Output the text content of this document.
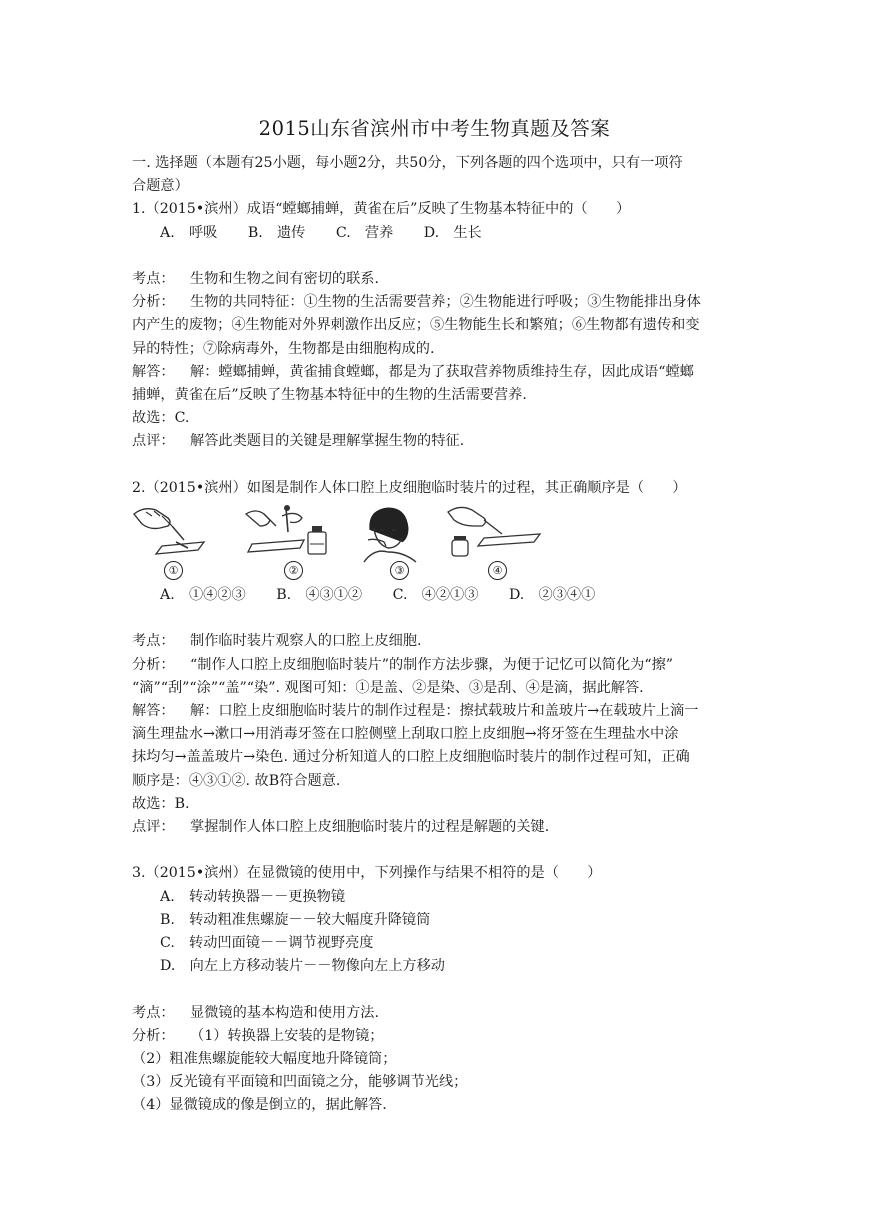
2015山东省滨州市中考生物真题及答案
一. 选择题（本题有25小题，每小题2分，共50分，下列各题的四个选项中，只有一项符
合题意）
1.（2015•滨州）成语“螳螂捕蝉，黄雀在后”反映了生物基本特征中的（　　）
A.　呼吸 B.　遗传 C.　营养 D.　生长
考点： 生物和生物之间有密切的联系.
分析： 生物的共同特征：①生物的生活需要营养；②生物能进行呼吸；③生物能排出身体
内产生的废物；④生物能对外界刺激作出反应；⑤生物能生长和繁殖；⑥生物都有遗传和变
异的特性；⑦除病毒外，生物都是由细胞构成的.
解答： 解：螳螂捕蝉，黄雀捕食螳螂，都是为了获取营养物质维持生存，因此成语“螳螂
捕蝉，黄雀在后”反映了生物基本特征中的生物的生活需要营养.
故选：C.
点评： 解答此类题目的关键是理解掌握生物的特征.
2.（2015•滨州）如图是制作人体口腔上皮细胞临时装片的过程，其正确顺序是（　　）
①	②	③	④
A.　①④②③ B.　④③①② C.　④②①③ D.　②③④①
考点： 制作临时装片观察人的口腔上皮细胞.
分析： “制作人口腔上皮细胞临时装片”的制作方法步骤，为便于记忆可以简化为“擦”
“滴”“刮”“涂”“盖”“染”. 观图可知：①是盖、②是染、③是刮、④是滴，据此解答.
解答： 解：口腔上皮细胞临时装片的制作过程是：擦拭载玻片和盖玻片→在载玻片上滴一
滴生理盐水→漱口→用消毒牙签在口腔侧壁上刮取口腔上皮细胞→将牙签在生理盐水中涂
抹均匀→盖盖玻片→染色. 通过分析知道人的口腔上皮细胞临时装片的制作过程可知，正确
顺序是：④③①②. 故B符合题意.
故选：B.
点评： 掌握制作人体口腔上皮细胞临时装片的过程是解题的关键.
3.（2015•滨州）在显微镜的使用中，下列操作与结果不相符的是（　　）
A.　转动转换器－－更换物镜
B.　转动粗准焦螺旋－－较大幅度升降镜筒
C.　转动凹面镜－－调节视野亮度
D.　向左上方移动装片－－物像向左上方移动
考点： 显微镜的基本构造和使用方法.
分析： （1）转换器上安装的是物镜；
（2）粗准焦螺旋能较大幅度地升降镜筒；
（3）反光镜有平面镜和凹面镜之分，能够调节光线；
（4）显微镜成的像是倒立的，据此解答.
